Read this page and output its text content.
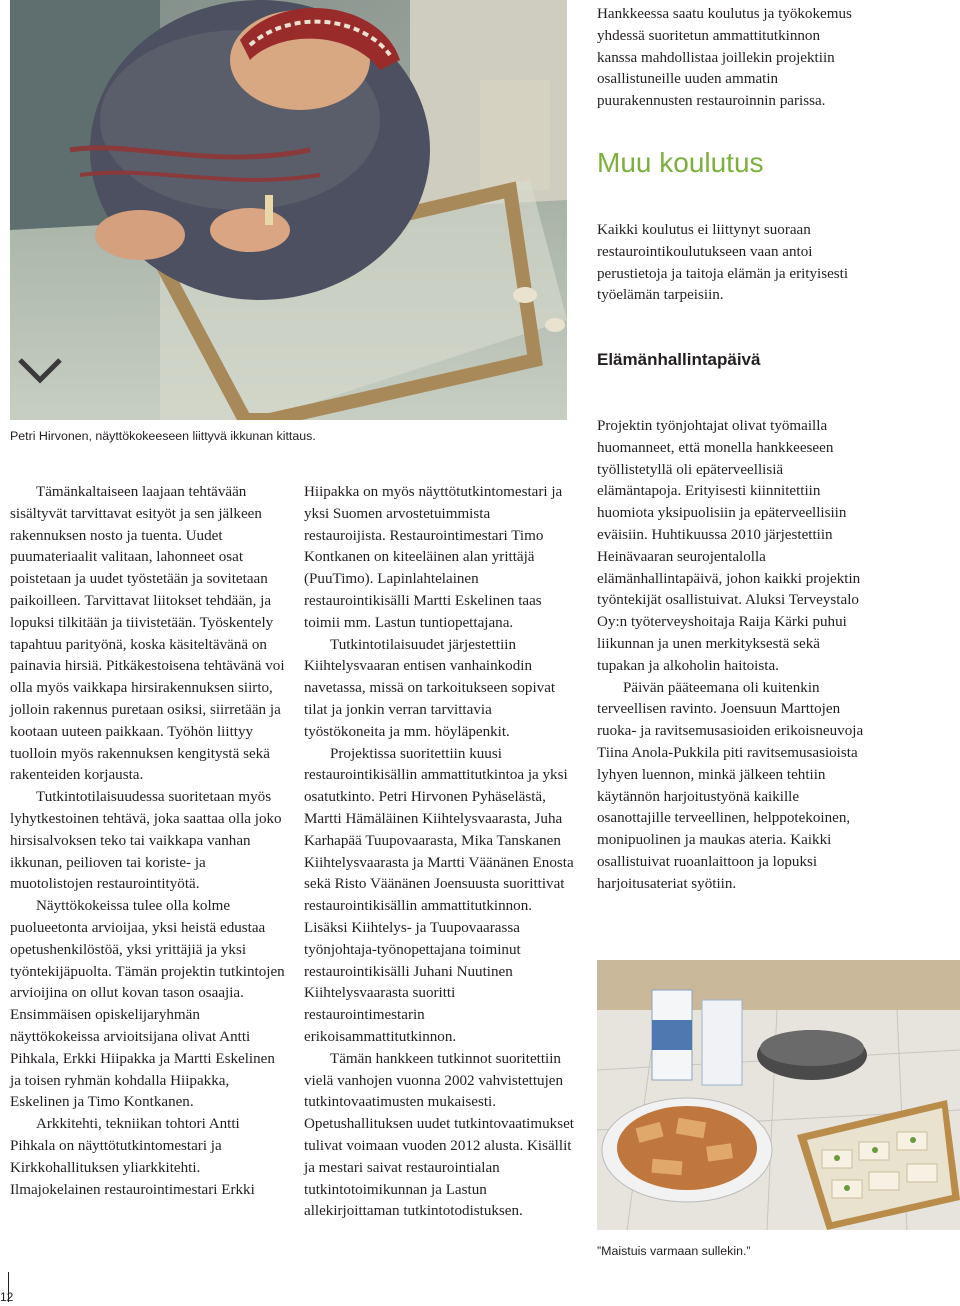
Petri Hirvonen, näyttökokeeseen liittyvä ikkunan kittaus.

Hankkeessa saatu koulutus ja työkokemus yhdessä suoritetun ammattitutkinnon kanssa mahdollistaa joillekin projektiin osallistuneille uuden ammatin puurakennusten restauroinnin parissa.

Muu koulutus

Kaikki koulutus ei liittynyt suoraan restaurointikoulutukseen vaan antoi perustietoja ja taitoja elämän ja erityisesti työelämän tarpeisiin.

Elämänhallintapäivä

Tämänkaltaiseen laajaan tehtävään sisältyvät tarvittavat esityöt ja sen jälkeen rakennuksen nosto ja tuenta. Uudet puumateriaalit valitaan, lahonneet osat poistetaan ja uudet työstetään ja sovitetaan paikoilleen. Tarvittavat liitokset tehdään, ja lopuksi tilkitään ja tiivistetään. Työskentely tapahtuu parityönä, koska käsiteltävänä on painavia hirsiä. Pitkäkestoisena tehtävänä voi olla myös vaikkapa hirsirakennuksen siirto, jolloin rakennus puretaan osiksi, siirretään ja kootaan uuteen paikkaan. Työhön liittyy tuolloin myös rakennuksen kengitystä sekä rakenteiden korjausta.

Tutkintotilaisuudessa suoritetaan myös lyhytkestoinen tehtävä, joka saattaa olla joko hirsisalvoksen teko tai vaikkapa vanhan ikkunan, peilioven tai koriste- ja muotolistojen restaurointityötä.

Näyttökokeissa tulee olla kolme puolueetonta arvioijaa, yksi heistä edustaa opetushenkilöstöä, yksi yrittäjiä ja yksi työntekijäpuolta. Tämän projektin tutkintojen arvioijina on ollut kovan tason osaajia. Ensimmäisen opiskelijaryhmän näyttökokeissa arvioitsijana olivat Antti Pihkala, Erkki Hiipakka ja Martti Eskelinen ja toisen ryhmän kohdalla Hiipakka, Eskelinen ja Timo Kontkanen.

Arkkitehti, tekniikan tohtori Antti Pihkala on näyttötutkintomestari ja Kirkkohallituksen yliarkkitehti. Ilmajokelainen restaurointimestari Erkki

Hiipakka on myös näyttötutkintomestari ja yksi Suomen arvostetuimmista restauroijista. Restaurointimestari Timo Kontkanen on kiteeläinen alan yrittäjä (PuuTimo). Lapinlahtelainen restaurointikisälli Martti Eskelinen taas toimii mm. Lastun tuntiopettajana.

Tutkintotilaisuudet järjestettiin Kiihtelysvaaran entisen vanhainkodin navetassa, missä on tarkoitukseen sopivat tilat ja jonkin verran tarvittavia työstökoneita ja mm. höyläpenkit.

Projektissa suoritettiin kuusi restaurointikisällin ammattitutkintoa ja yksi osatutkinto. Petri Hirvonen Pyhäselästä, Martti Hämäläinen Kiihtelysvaarasta, Juha Karhapää Tuupovaarasta, Mika Tanskanen Kiihtelysvaarasta ja Martti Väänänen Enosta sekä Risto Väänänen Joensuusta suorittivat restaurointikisällin ammattitutkinnon. Lisäksi Kiihtelys- ja Tuupovaarassa työnjohtaja-työnopettajana toiminut restaurointikisälli Juhani Nuutinen Kiihtelysvaarasta suoritti restaurointimestarin erikoisammattitutkinnon.

Tämän hankkeen tutkinnot suoritettiin vielä vanhojen vuonna 2002 vahvistettujen tutkintovaatimusten mukaisesti. Opetushallituksen uudet tutkintovaatimukset tulivat voimaan vuoden 2012 alusta. Kisällit ja mestari saivat restaurointialan tutkintotoimikunnan ja Lastun allekirjoittaman tutkintotodistuksen.

Projektin työnjohtajat olivat työmailla huomanneet, että monella hankkeeseen työllistetyllä oli epäterveellisiä elämäntapoja. Erityisesti kiinnitettiin huomiota yksipuolisiin ja epäterveellisiin eväisiin. Huhtikuussa 2010 järjestettiin Heinävaaran seurojentalolla elämänhallintapäivä, johon kaikki projektin työntekijät osallistuivat. Aluksi Terveystalo Oy:n työterveyshoitaja Raija Kärki puhui liikunnan ja unen merkityksestä sekä tupakan ja alkoholin haitoista.

Päivän pääteemana oli kuitenkin terveellisen ravinto. Joensuun Marttojen ruoka- ja ravitsemusasioiden erikoisneuvoja Tiina Anola-Pukkila piti ravitsemusasioista lyhyen luennon, minkä jälkeen tehtiin käytännön harjoitustyönä kaikille osanottajille terveellinen, helppotekoinen, monipuolinen ja maukas ateria. Kaikki osallistuivat ruoanlaittoon ja lopuksi harjoitusateriat syötiin.

”Maistuis varmaan sullekin.”
12
